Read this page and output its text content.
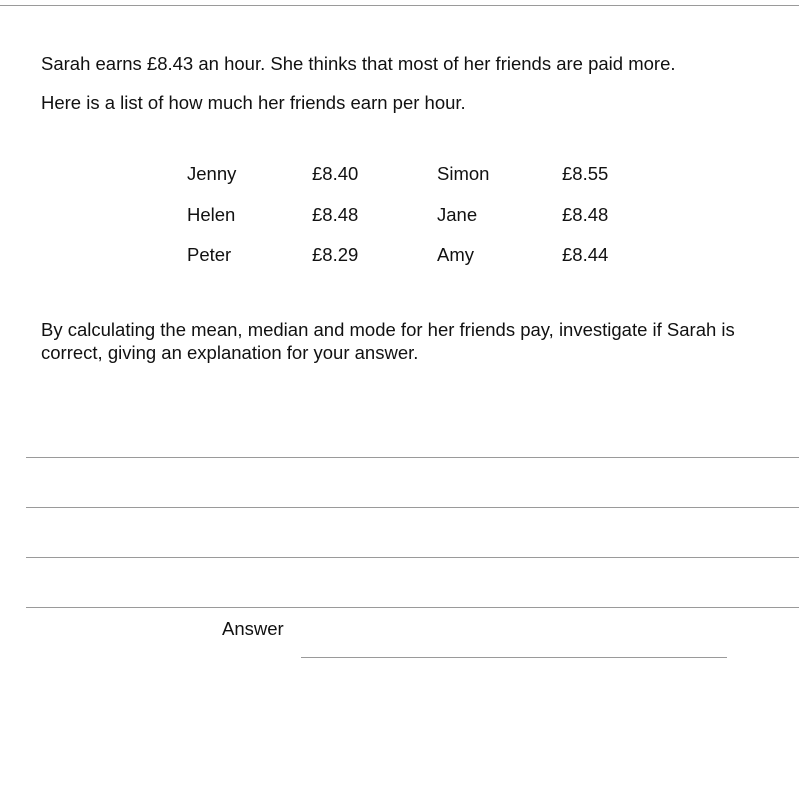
Sarah earns £8.43 an hour. She thinks that most of her friends are paid more.

Here is a list of how much her friends earn per hour.

Jenny	£8.40	Simon	£8.55
Helen	£8.48	Jane	£8.48
Peter	£8.29	Amy	£8.44

By calculating the mean, median and mode for her friends pay, investigate if Sarah is correct, giving an explanation for your answer.

Answer
